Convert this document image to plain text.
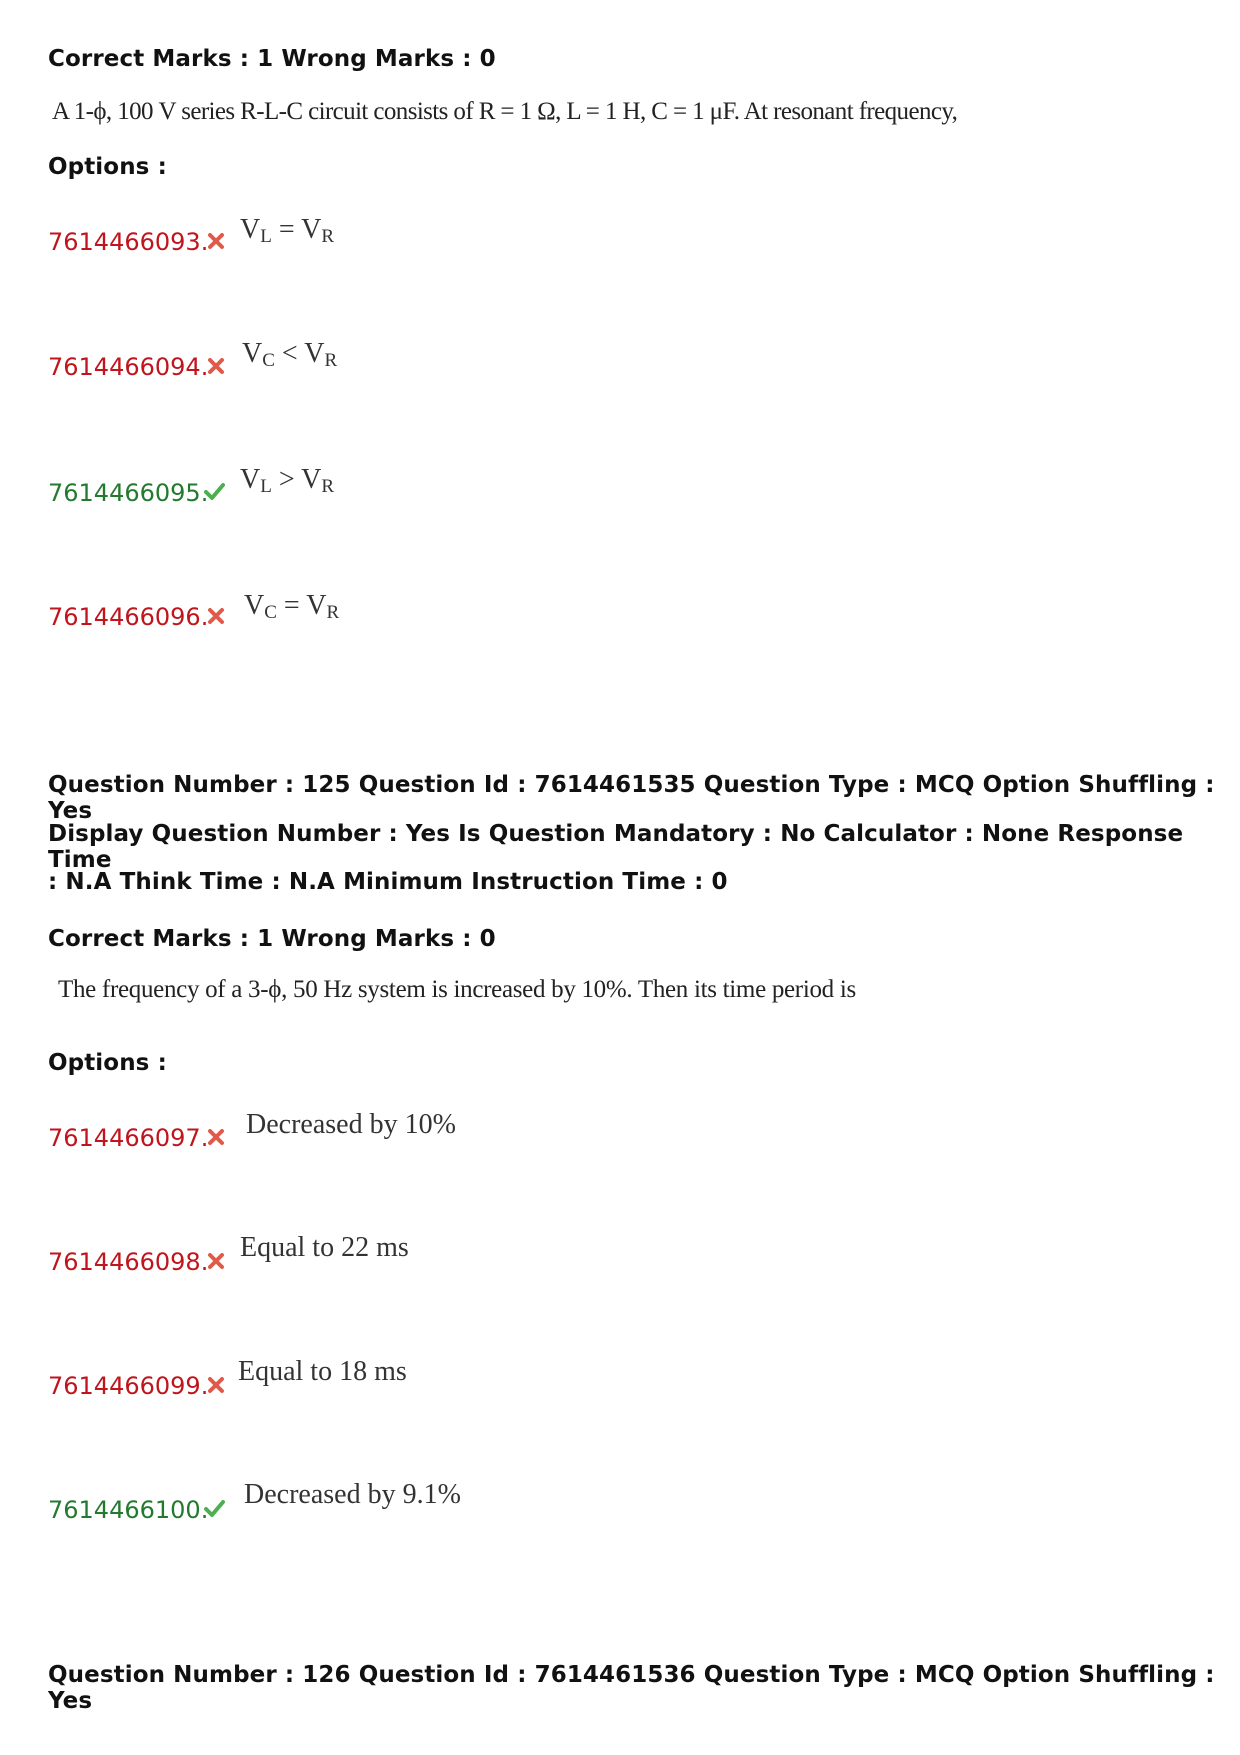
Correct Marks : 1 Wrong Marks : 0
A 1-ϕ, 100 V series R-L-C circuit consists of R = 1 Ω, L = 1 H, C = 1 μF. At resonant frequency,
Options :
7614466093. $V_L = V_R$
7614466094. $V_C < V_R$
7614466095. $V_L > V_R$
7614466096. $V_C = V_R$
Question Number : 125 Question Id : 7614461535 Question Type : MCQ Option Shuffling : Yes
Display Question Number : Yes Is Question Mandatory : No Calculator : None Response Time
: N.A Think Time : N.A Minimum Instruction Time : 0
Correct Marks : 1 Wrong Marks : 0
The frequency of a 3-ϕ, 50 Hz system is increased by 10%. Then its time period is
Options :
7614466097. Decreased by 10%
7614466098. Equal to 22 ms
7614466099. Equal to 18 ms
7614466100. Decreased by 9.1%
Question Number : 126 Question Id : 7614461536 Question Type : MCQ Option Shuffling : Yes
